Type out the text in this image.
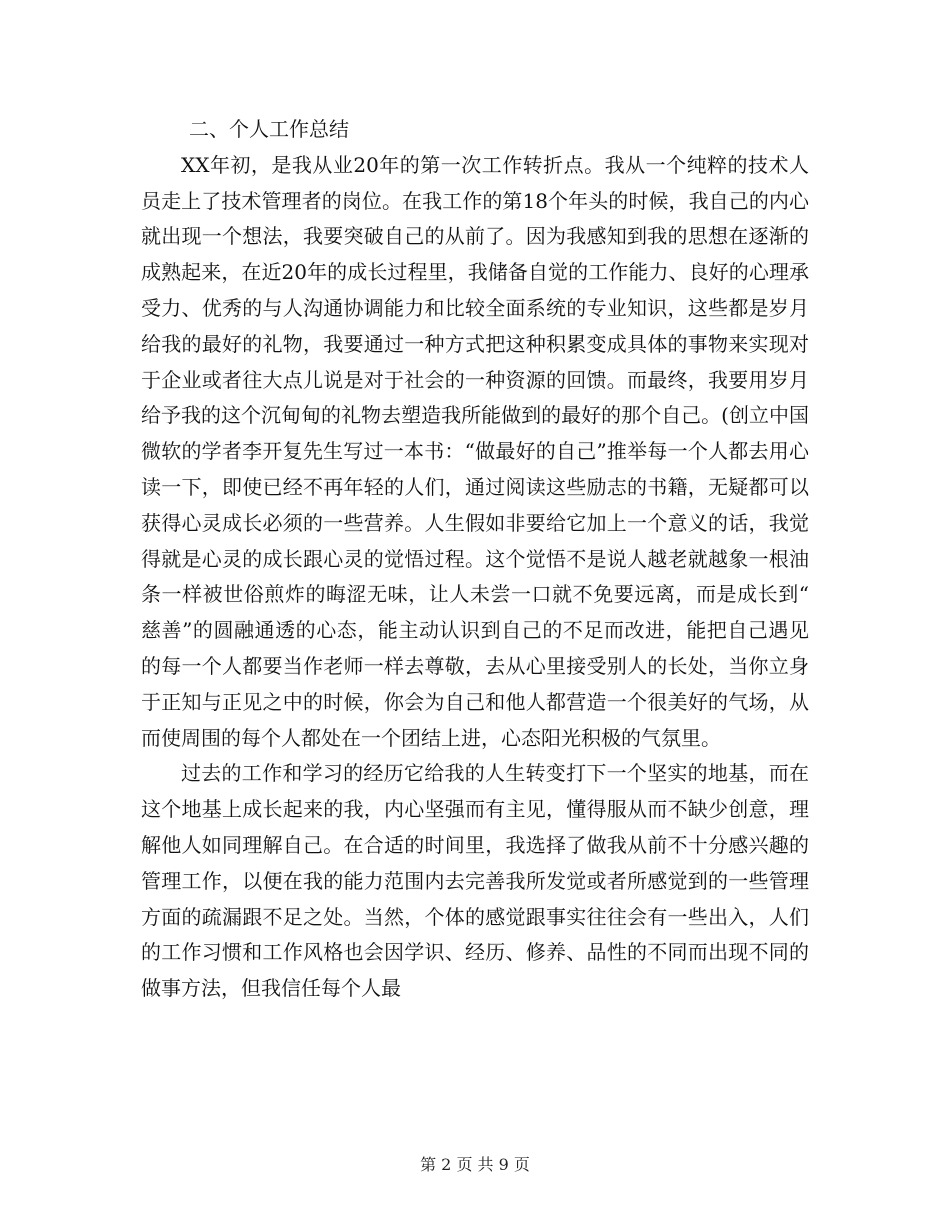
二、个人工作总结

XX年初，是我从业20年的第一次工作转折点。我从一个纯粹的技术人员走上了技术管理者的岗位。在我工作的第18个年头的时候，我自己的内心就出现一个想法，我要突破自己的从前了。因为我感知到我的思想在逐渐的成熟起来，在近20年的成长过程里，我储备自觉的工作能力、良好的心理承受力、优秀的与人沟通协调能力和比较全面系统的专业知识，这些都是岁月给我的最好的礼物，我要通过一种方式把这种积累变成具体的事物来实现对于企业或者往大点儿说是对于社会的一种资源的回馈。而最终，我要用岁月给予我的这个沉甸甸的礼物去塑造我所能做到的最好的那个自己。(创立中国微软的学者李开复先生写过一本书：“做最好的自己”推举每一个人都去用心读一下，即使已经不再年轻的人们，通过阅读这些励志的书籍，无疑都可以获得心灵成长必须的一些营养。人生假如非要给它加上一个意义的话，我觉得就是心灵的成长跟心灵的觉悟过程。这个觉悟不是说人越老就越象一根油条一样被世俗煎炸的晦涩无味，让人未尝一口就不免要远离，而是成长到“慈善”的圆融通透的心态，能主动认识到自己的不足而改进，能把自己遇见的每一个人都要当作老师一样去尊敬，去从心里接受别人的长处，当你立身于正知与正见之中的时候，你会为自己和他人都营造一个很美好的气场，从而使周围的每个人都处在一个团结上进，心态阳光积极的气氛里。

过去的工作和学习的经历它给我的人生转变打下一个坚实的地基，而在这个地基上成长起来的我，内心坚强而有主见，懂得服从而不缺少创意，理解他人如同理解自己。在合适的时间里，我选择了做我从前不十分感兴趣的管理工作，以便在我的能力范围内去完善我所发觉或者所感觉到的一些管理方面的疏漏跟不足之处。当然，个体的感觉跟事实往往会有一些出入，人们的工作习惯和工作风格也会因学识、经历、修养、品性的不同而出现不同的做事方法，但我信任每个人最

第 2 页 共 9 页
